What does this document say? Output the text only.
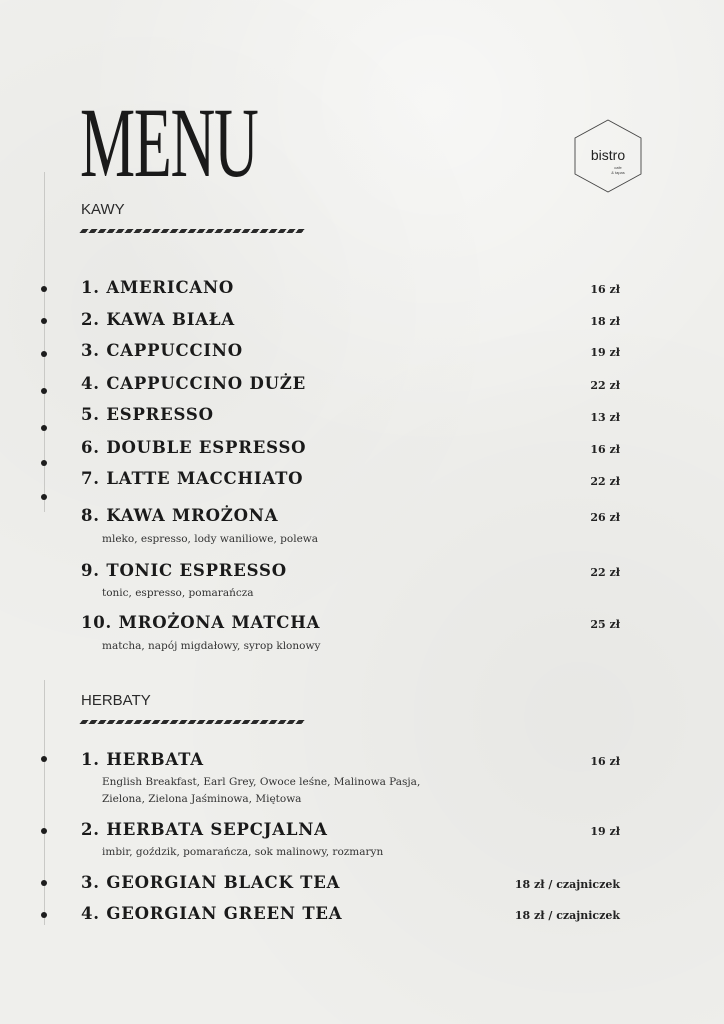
MENU	bistro
cafe
& tapas
KAWY
1. AMERICANO	16 zł
2. KAWA BIAŁA	18 zł
3. CAPPUCCINO	19 zł
4. CAPPUCCINO DUŻE	22 zł
5. ESPRESSO	13 zł
6. DOUBLE ESPRESSO	16 zł
7. LATTE MACCHIATO	22 zł
8. KAWA MROŻONA	26 zł
mleko, espresso, lody waniliowe, polewa
9. TONIC ESPRESSO	22 zł
tonic, espresso, pomarańcza
10. MROŻONA MATCHA	25 zł
matcha, napój migdałowy, syrop klonowy
HERBATY
1. HERBATA	16 zł
English Breakfast, Earl Grey, Owoce leśne, Malinowa Pasja,
Zielona, Zielona Jaśminowa, Miętowa
2. HERBATA SEPCJALNA	19 zł
imbir, goździk, pomarańcza, sok malinowy, rozmaryn
3. GEORGIAN BLACK TEA	18 zł / czajniczek
4. GEORGIAN GREEN TEA	18 zł / czajniczek
